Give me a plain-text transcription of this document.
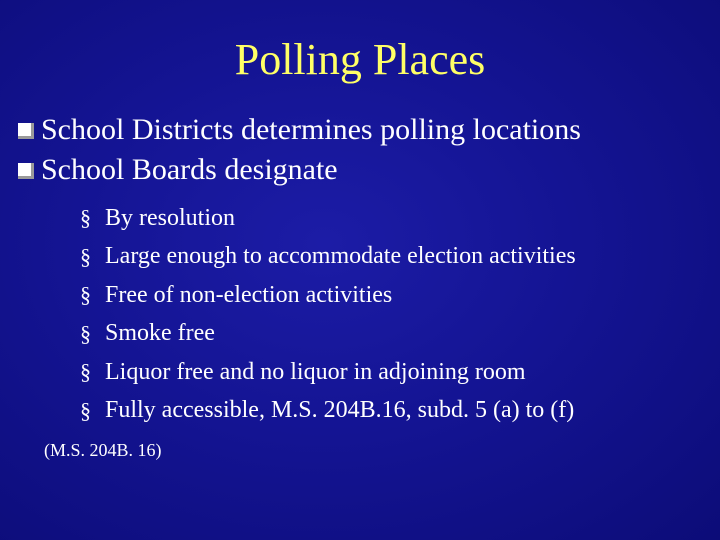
Polling Places
School Districts determines polling locations
School Boards designate
§ By resolution
§ Large enough to accommodate election activities
§ Free of non-election activities
§ Smoke free
§ Liquor free and no liquor in adjoining room
§ Fully accessible, M.S. 204B.16, subd. 5 (a) to (f)
(M.S. 204B. 16)
